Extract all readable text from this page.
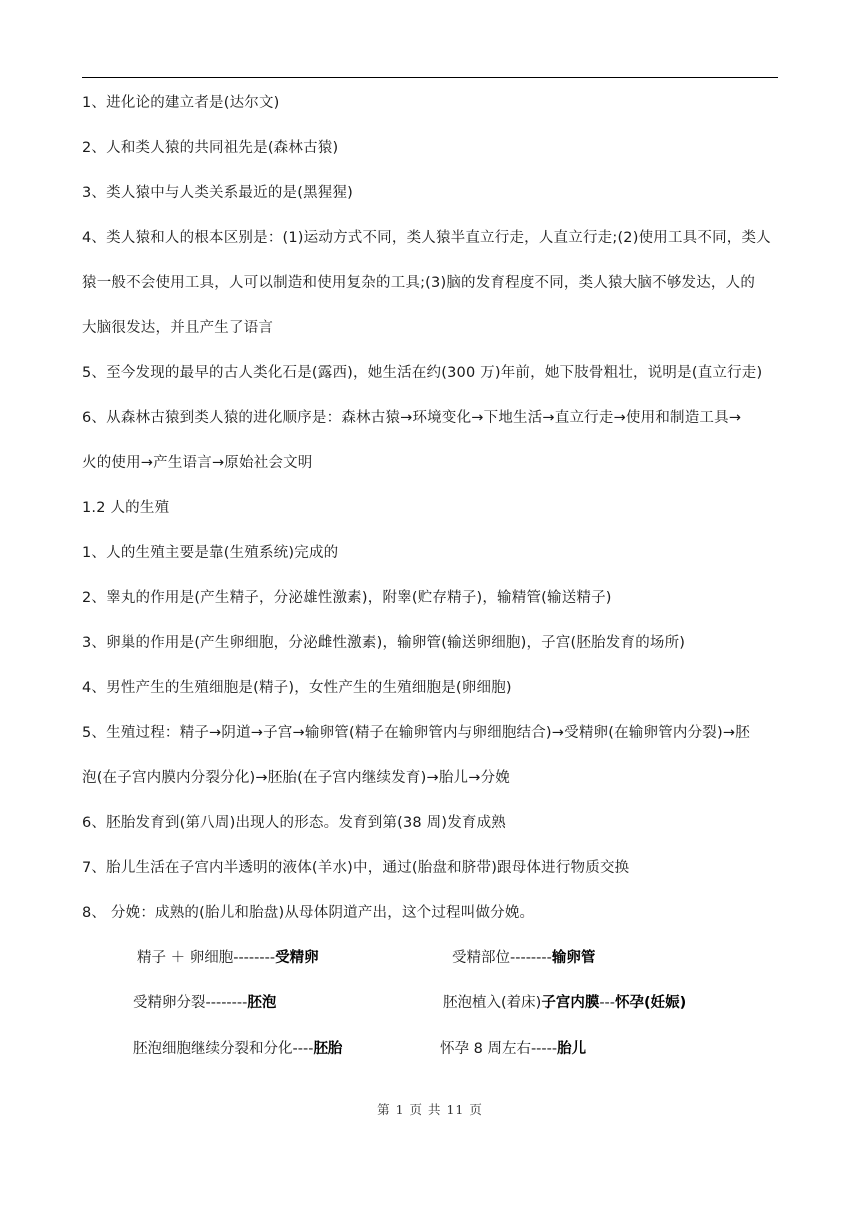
1、进化论的建立者是(达尔文)
2、人和类人猿的共同祖先是(森林古猿)
3、类人猿中与人类关系最近的是(黑猩猩)
4、类人猿和人的根本区别是：(1)运动方式不同，类人猿半直立行走，人直立行走;(2)使用工具不同，类人
猿一般不会使用工具，人可以制造和使用复杂的工具;(3)脑的发育程度不同，类人猿大脑不够发达，人的
大脑很发达，并且产生了语言
5、至今发现的最早的古人类化石是(露西)，她生活在约(300 万)年前，她下肢骨粗壮，说明是(直立行走)
6、从森林古猿到类人猿的进化顺序是：森林古猿→环境变化→下地生活→直立行走→使用和制造工具→
火的使用→产生语言→原始社会文明
1.2 人的生殖
1、人的生殖主要是靠(生殖系统)完成的
2、睾丸的作用是(产生精子，分泌雄性激素)，附睾(贮存精子)，输精管(输送精子)
3、卵巢的作用是(产生卵细胞，分泌雌性激素)，输卵管(输送卵细胞)，子宫(胚胎发育的场所)
4、男性产生的生殖细胞是(精子)，女性产生的生殖细胞是(卵细胞)
5、生殖过程：精子→阴道→子宫→输卵管(精子在输卵管内与卵细胞结合)→受精卵(在输卵管内分裂)→胚
泡(在子宫内膜内分裂分化)→胚胎(在子宫内继续发育)→胎儿→分娩
6、胚胎发育到(第八周)出现人的形态。发育到第(38 周)发育成熟
7、胎儿生活在子宫内半透明的液体(羊水)中，通过(胎盘和脐带)跟母体进行物质交换
8、 分娩：成熟的(胎儿和胎盘)从母体阴道产出，这个过程叫做分娩。
精子 ＋ 卵细胞--------受精卵	受精部位--------输卵管
受精卵分裂--------胚泡	胚泡植入(着床)子宫内膜---怀孕(妊娠)
胚泡细胞继续分裂和分化----胚胎	怀孕 8 周左右-----胎儿
第 1 页 共 11 页
